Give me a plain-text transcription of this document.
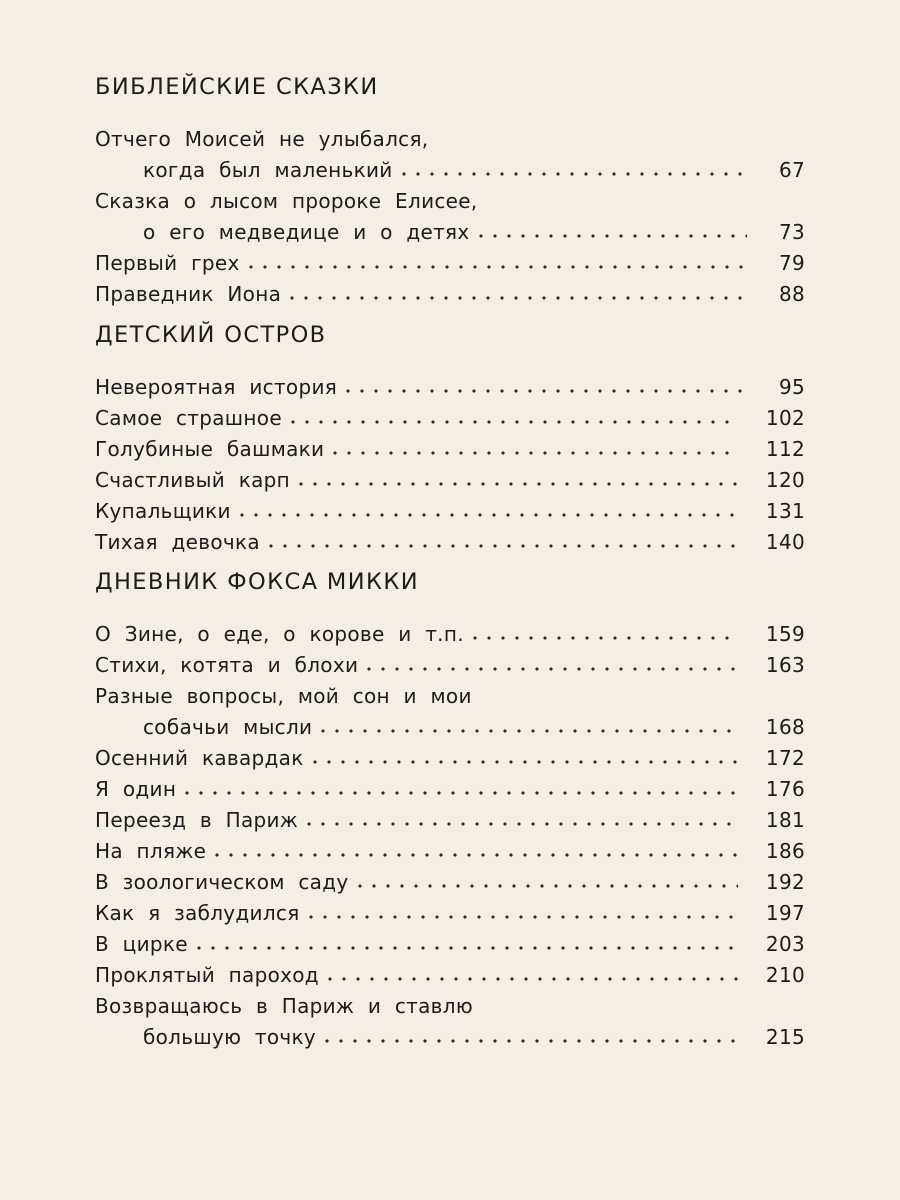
БИБЛЕЙСКИЕ СКАЗКИ
Отчего Моисей не улыбался,
когда был маленький	67
Сказка о лысом пророке Елисее,
о его медведице и о детях	73
Первый грех	79
Праведник Иона	88
ДЕТСКИЙ ОСТРОВ
Невероятная история	95
Самое страшное	102
Голубиные башмаки	112
Счастливый карп	120
Купальщики	131
Тихая девочка	140
ДНЕВНИК ФОКСА МИККИ
О Зине, о еде, о корове и т.п.	159
Стихи, котята и блохи	163
Разные вопросы, мой сон и мои
собачьи мысли	168
Осенний кавардак	172
Я один	176
Переезд в Париж	181
На пляже	186
В зоологическом саду	192
Как я заблудился	197
В цирке	203
Проклятый пароход	210
Возвращаюсь в Париж и ставлю
большую точку	215
